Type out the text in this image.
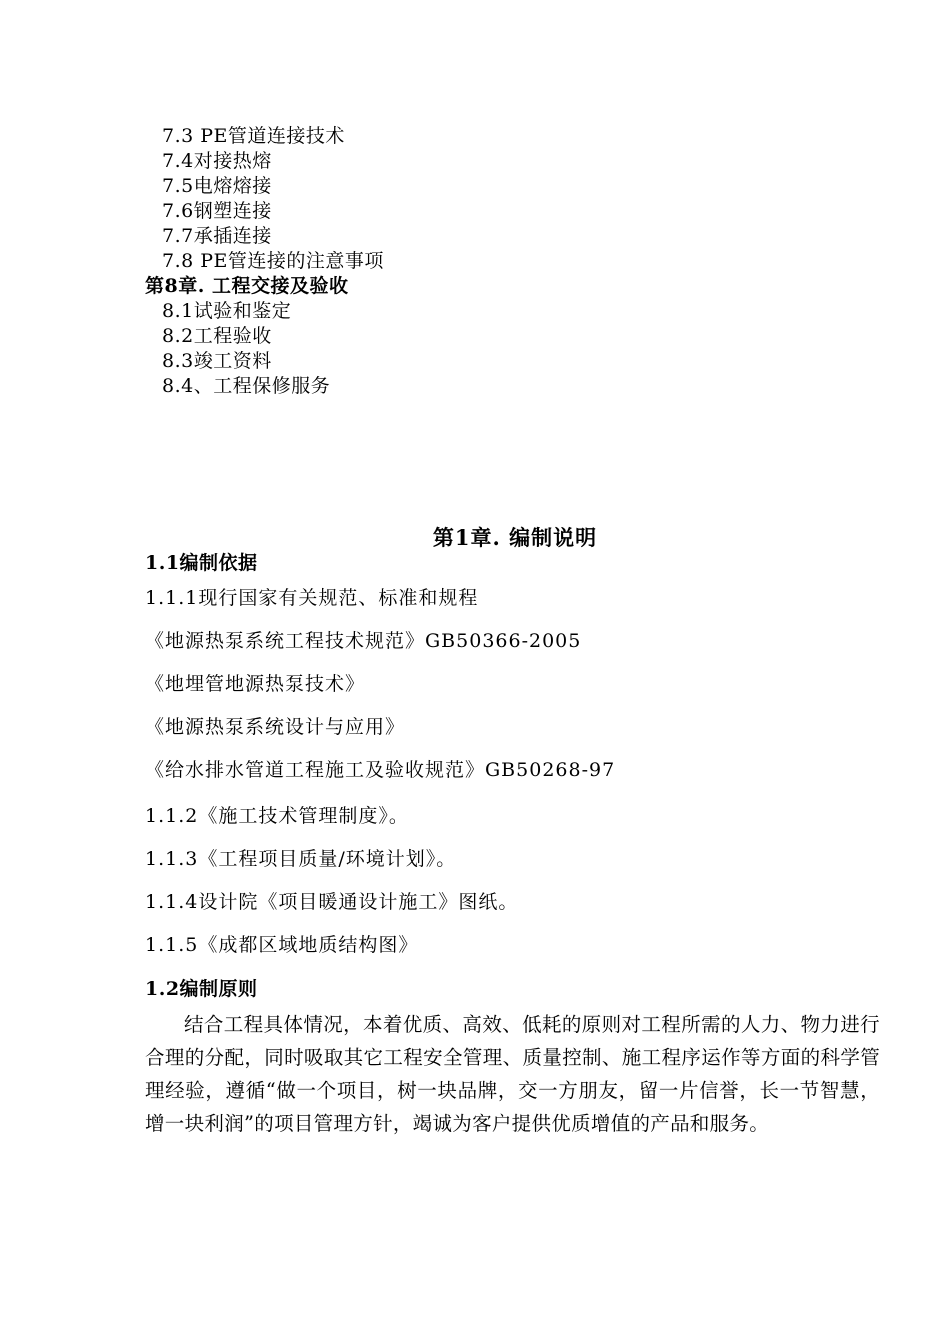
7.3 PE管道连接技术
7.4对接热熔
7.5电熔熔接
7.6钢塑连接
7.7承插连接
7.8 PE管连接的注意事项
第8章. 工程交接及验收
8.1试验和鉴定
8.2工程验收
8.3竣工资料
8.4、工程保修服务
第1章. 编制说明
1.1编制依据
1.1.1现行国家有关规范、标准和规程
《地源热泵系统工程技术规范》GB50366-2005
《地埋管地源热泵技术》
《地源热泵系统设计与应用》
《给水排水管道工程施工及验收规范》GB50268-97
1.1.2《施工技术管理制度》。
1.1.3《工程项目质量/环境计划》。
1.1.4设计院《项目暖通设计施工》图纸。
1.1.5《成都区域地质结构图》
1.2编制原则
结合工程具体情况，本着优质、高效、低耗的原则对工程所需的人力、物力进行合理的分配，同时吸取其它工程安全管理、质量控制、施工程序运作等方面的科学管理经验，遵循“做一个项目，树一块品牌，交一方朋友，留一片信誉，长一节智慧，增一块利润”的项目管理方针，竭诚为客户提供优质增值的产品和服务。
